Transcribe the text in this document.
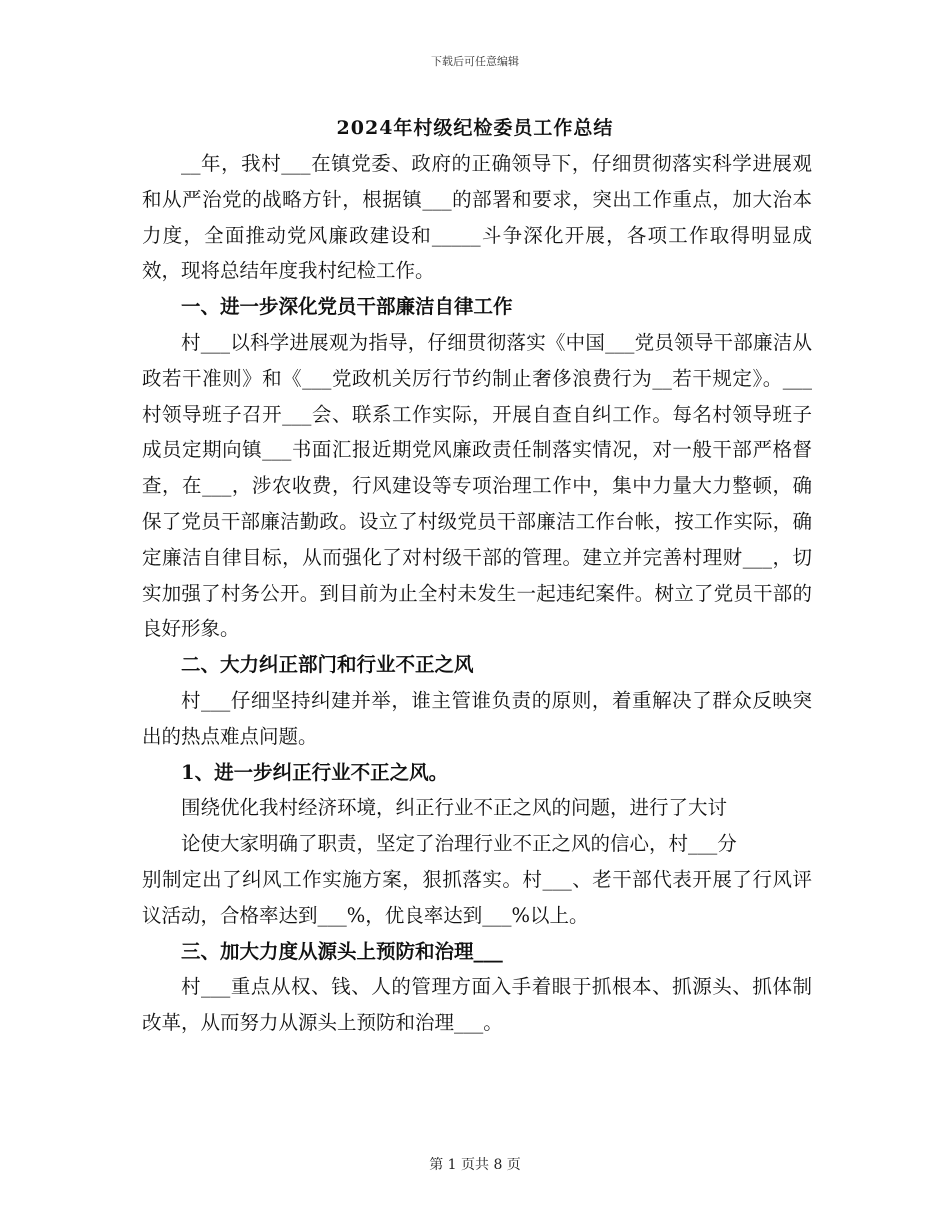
下载后可任意编辑
2024年村级纪检委员工作总结

__年，我村___在镇党委、政府的正确领导下，仔细贯彻落实科学进展观和从严治党的战略方针，根据镇___的部署和要求，突出工作重点，加大治本力度，全面推动党风廉政建设和_____斗争深化开展，各项工作取得明显成效，现将总结年度我村纪检工作。

一、进一步深化党员干部廉洁自律工作

村___以科学进展观为指导，仔细贯彻落实《中国___党员领导干部廉洁从政若干准则》和《___党政机关厉行节约制止奢侈浪费行为__若干规定》。___村领导班子召开___会、联系工作实际，开展自查自纠工作。每名村领导班子成员定期向镇___书面汇报近期党风廉政责任制落实情况，对一般干部严格督查，在___，涉农收费，行风建设等专项治理工作中，集中力量大力整顿，确保了党员干部廉洁勤政。设立了村级党员干部廉洁工作台帐，按工作实际，确定廉洁自律目标，从而强化了对村级干部的管理。建立并完善村理财___，切实加强了村务公开。到目前为止全村未发生一起违纪案件。树立了党员干部的良好形象。

二、大力纠正部门和行业不正之风

村___仔细坚持纠建并举，谁主管谁负责的原则，着重解决了群众反映突出的热点难点问题。

1、进一步纠正行业不正之风。
围绕优化我村经济环境，纠正行业不正之风的问题，进行了大讨
论使大家明确了职责，坚定了治理行业不正之风的信心，村___分

别制定出了纠风工作实施方案，狠抓落实。村___、老干部代表开展了行风评议活动，合格率达到___%，优良率达到___%以上。

三、加大力度从源头上预防和治理___

村___重点从权、钱、人的管理方面入手着眼于抓根本、抓源头、抓体制改革，从而努力从源头上预防和治理___。

第 1 页共 8 页
